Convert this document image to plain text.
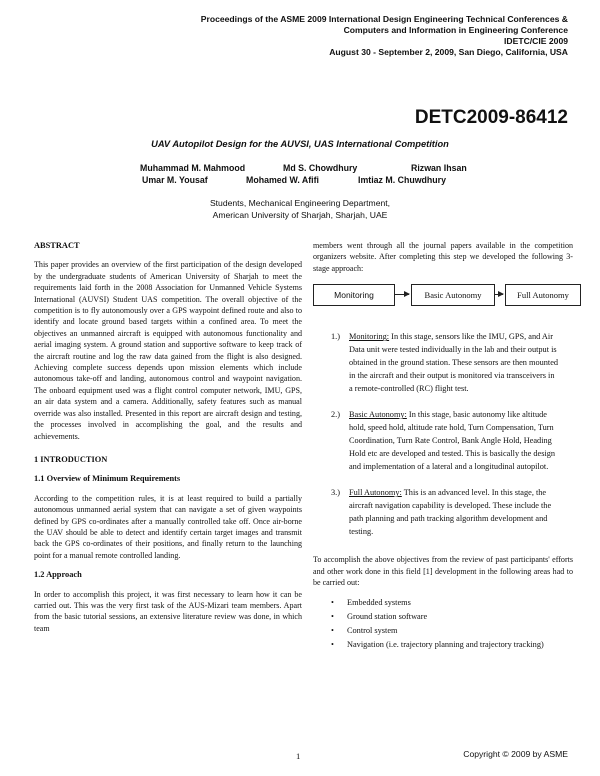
Proceedings of the ASME 2009 International Design Engineering Technical Conferences &
Computers and Information in Engineering Conference
IDETC/CIE 2009
August 30 - September 2, 2009, San Diego, California, USA
DETC2009-86412
UAV Autopilot Design for the AUVSI, UAS International Competition
Muhammad M. Mahmood	Md S. Chowdhury	Rizwan Ihsan
Umar M. Yousaf	Mohamed W. Afifi	Imtiaz M. Chuwdhury
Students, Mechanical Engineering Department,
American University of Sharjah, Sharjah, UAE
ABSTRACT

This paper provides an overview of the first participation of the design developed by the undergraduate students of American University of Sharjah to meet the requirements laid forth in the 2008 Association for Unmanned Vehicle Systems International (AUVSI) Student UAS competition. The overall objective of the competition is to fly autonomously over a GPS waypoint defined route and also to identify and locate ground based targets within a confined area. To meet the objectives an unmanned aircraft is equipped with autonomous functionality and aerial imaging system. A ground station and supportive software to keep track of the aircraft routine and log the raw data gained from the flight is also designed. Achieving complete success depends upon mission elements which include autonomous take-off and landing, autonomous control and waypoint navigation. The onboard equipment used was a flight control computer network, IMU, GPS, an air data system and a camera. Additionally, safety features such as manual override was also installed. Presented in this report are aircraft design and testing, the processes involved in accomplishing the goal, and the results and achievements.

1 INTRODUCTION
1.1 Overview of Minimum Requirements

According to the competition rules, it is at least required to build a partially autonomous unmanned aerial system that can navigate a set of given waypoints defined by GPS co-ordinates after a manually controlled take off. Once air-borne the UAV should be able to detect and identify certain target images and transmit back the GPS co-ordinates of their positions, and finally return to the launching point for a manual remote controlled landing.

1.2 Approach

In order to accomplish this project, it was first necessary to learn how it can be carried out. This was the very first task of the AUS-Mizari team members. Apart from the basic tutorial sessions, an extensive literature review was done, in which team

members went through all the journal papers available in the competition organizers website. After completing this step we developed the following 3-stage approach:

Monitoring	Basic Autonomy	Full Autonomy
1.) Monitoring: In this stage, sensors like the IMU, GPS, and Air Data unit were tested individually in the lab and their output is obtained in the ground station. These sensors are then mounted in the aircraft and their output is monitored via transceivers in a remote-controlled (RC) flight test.
2.) Basic Autonomy: In this stage, basic autonomy like altitude hold, speed hold, altitude rate hold, Turn Compensation, Turn Coordination, Turn Rate Control, Bank Angle Hold, Heading Hold etc are developed and tested. This is basically the design and implementation of a lateral and a longitudinal autopilot.
3.) Full Autonomy: This is an advanced level. In this stage, the aircraft navigation capability is developed. These include the path planning and path tracking algorithm development and testing.

To accomplish the above objectives from the review of past participants' efforts and other work done in this field [1] development in the following areas had to be carried out:

• Embedded systems
• Ground station software
• Control system
• Navigation (i.e. trajectory planning and trajectory tracking)
1	Copyright © 2009 by ASME
